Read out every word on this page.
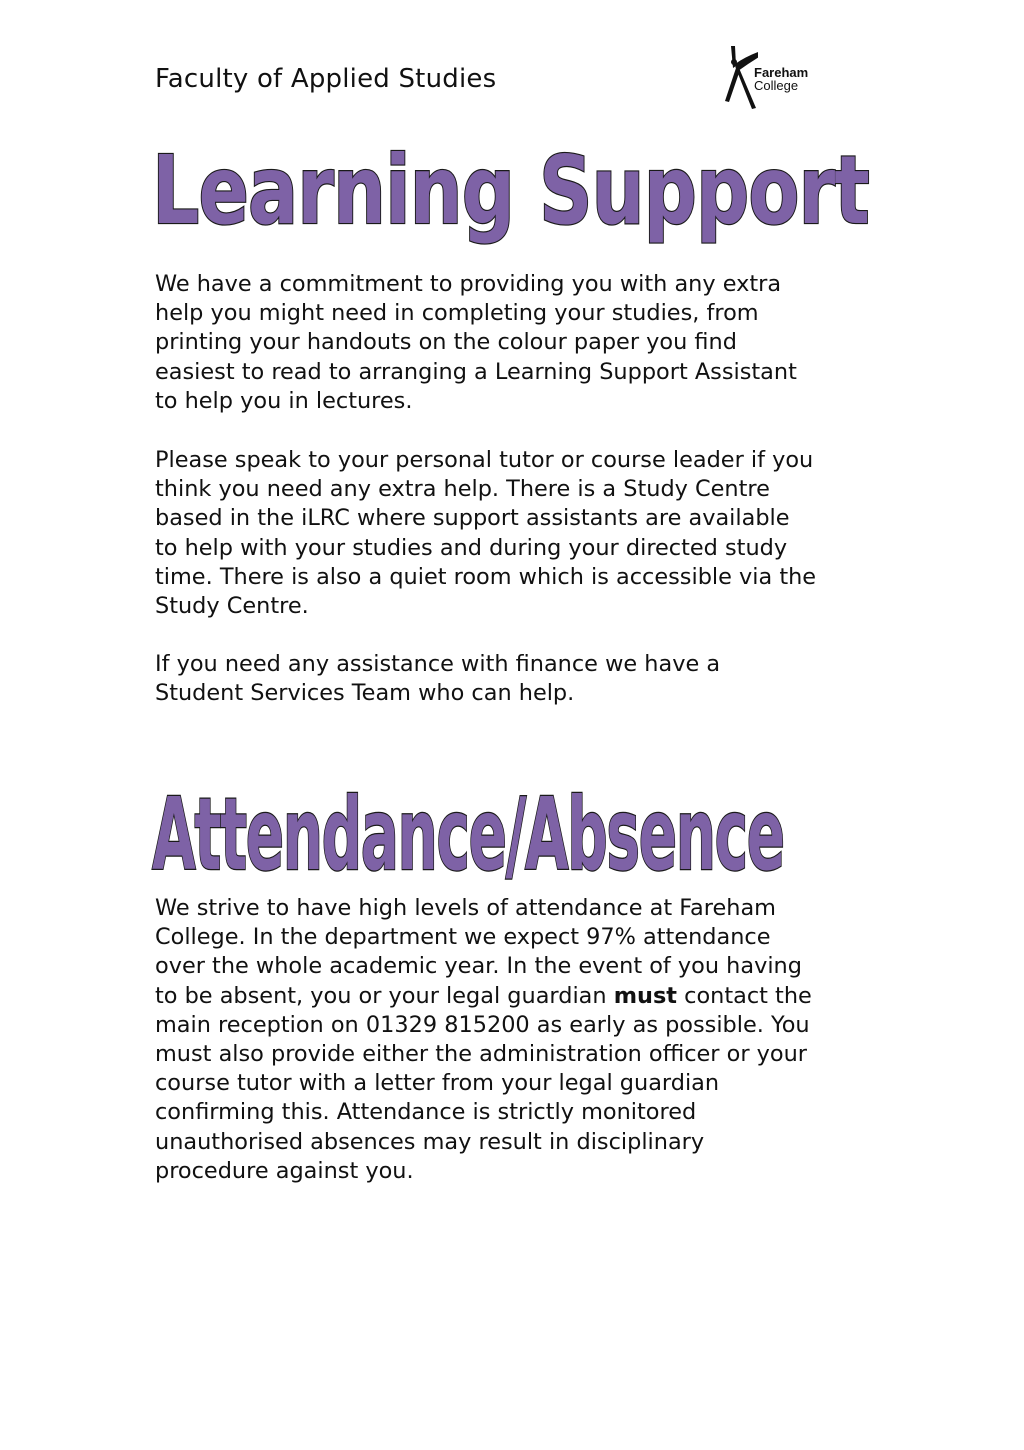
Faculty of Applied Studies	Fareham
College
Learning Support

We have a commitment to providing you with any extra
help you might need in completing your studies, from
printing your handouts on the colour paper you find
easiest to read to arranging a Learning Support Assistant
to help you in lectures.

Please speak to your personal tutor or course leader if you
think you need any extra help. There is a Study Centre
based in the iLRC where support assistants are available
to help with your studies and during your directed study
time. There is also a quiet room which is accessible via the
Study Centre.

If you need any assistance with finance we have a
Student Services Team who can help.

Attendance/Absence

We strive to have high levels of attendance at Fareham
College. In the department we expect 97% attendance
over the whole academic year. In the event of you having
to be absent, you or your legal guardian must contact the
main reception on 01329 815200 as early as possible. You
must also provide either the administration officer or your
course tutor with a letter from your legal guardian
confirming this. Attendance is strictly monitored
unauthorised absences may result in disciplinary
procedure against you.
